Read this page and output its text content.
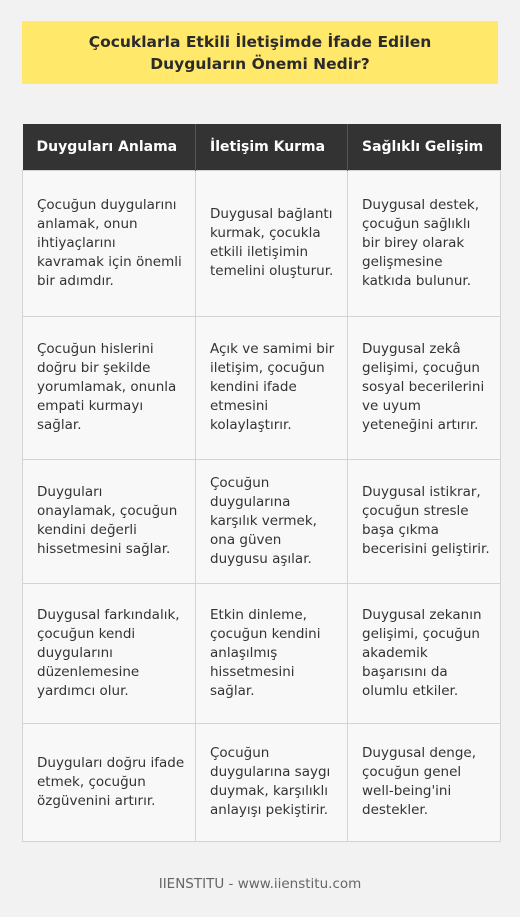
Çocuklarla Etkili İletişimde İfade Edilen Duyguların Önemi Nedir?
Duyguları Anlama	İletişim Kurma	Sağlıklı Gelişim
Çocuğun duygularını anlamak, onun ihtiyaçlarını kavramak için önemli bir adımdır.	Duygusal bağlantı kurmak, çocukla etkili iletişimin temelini oluşturur.	Duygusal destek, çocuğun sağlıklı bir birey olarak gelişmesine katkıda bulunur.
Çocuğun hislerini doğru bir şekilde yorumlamak, onunla empati kurmayı sağlar.	Açık ve samimi bir iletişim, çocuğun kendini ifade etmesini kolaylaştırır.	Duygusal zekâ gelişimi, çocuğun sosyal becerilerini ve uyum yeteneğini artırır.
Duyguları onaylamak, çocuğun kendini değerli hissetmesini sağlar.	Çocuğun duygularına karşılık vermek, ona güven duygusu aşılar.	Duygusal istikrar, çocuğun stresle başa çıkma becerisini geliştirir.
Duygusal farkındalık, çocuğun kendi duygularını düzenlemesine yardımcı olur.	Etkin dinleme, çocuğun kendini anlaşılmış hissetmesini sağlar.	Duygusal zekanın gelişimi, çocuğun akademik başarısını da olumlu etkiler.
Duyguları doğru ifade etmek, çocuğun özgüvenini artırır.	Çocuğun duygularına saygı duymak, karşılıklı anlayışı pekiştirir.	Duygusal denge, çocuğun genel well-being'ini destekler.
IIENSTITU - www.iienstitu.com
